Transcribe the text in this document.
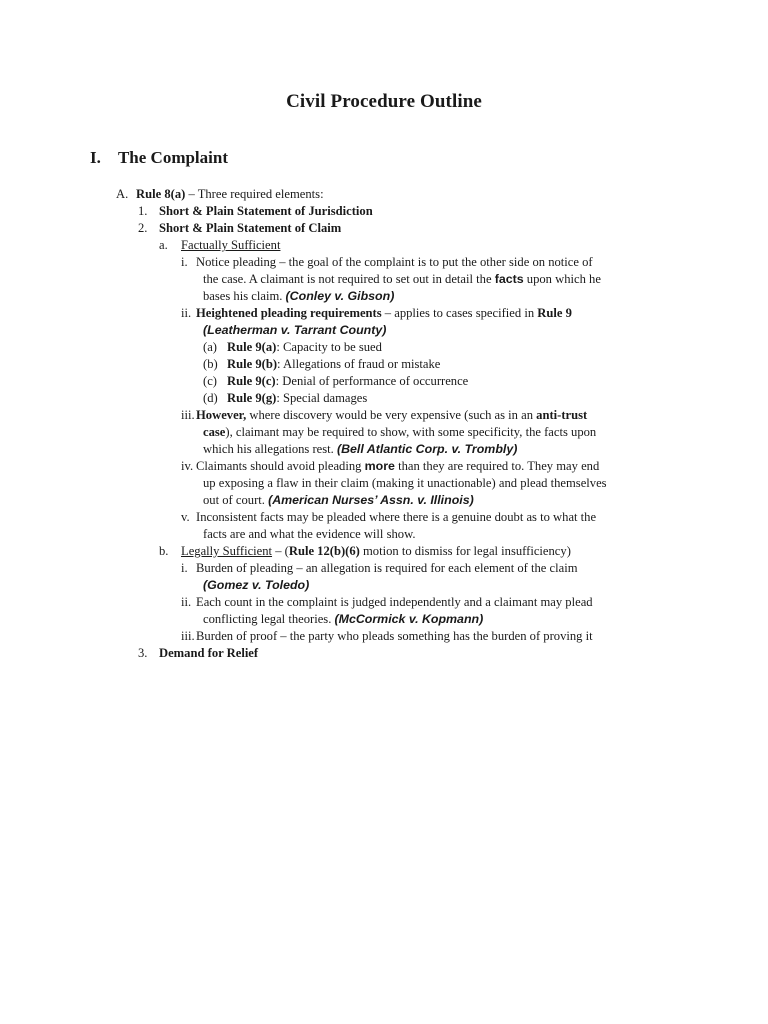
Civil Procedure Outline
I. The Complaint
A. Rule 8(a) – Three required elements:
1. Short & Plain Statement of Jurisdiction
2. Short & Plain Statement of Claim
a. Factually Sufficient
i. Notice pleading – the goal of the complaint is to put the other side on notice of
the case. A claimant is not required to set out in detail the facts upon which he
bases his claim. (Conley v. Gibson)
ii. Heightened pleading requirements – applies to cases specified in Rule 9
(Leatherman v. Tarrant County)
(a) Rule 9(a): Capacity to be sued
(b) Rule 9(b): Allegations of fraud or mistake
(c) Rule 9(c): Denial of performance of occurrence
(d) Rule 9(g): Special damages
iii. However, where discovery would be very expensive (such as in an anti-trust
case), claimant may be required to show, with some specificity, the facts upon
which his allegations rest. (Bell Atlantic Corp. v. Trombly)
iv. Claimants should avoid pleading more than they are required to. They may end
up exposing a flaw in their claim (making it unactionable) and plead themselves
out of court. (American Nurses’ Assn. v. Illinois)
v. Inconsistent facts may be pleaded where there is a genuine doubt as to what the
facts are and what the evidence will show.
b. Legally Sufficient – (Rule 12(b)(6) motion to dismiss for legal insufficiency)
i. Burden of pleading – an allegation is required for each element of the claim
(Gomez v. Toledo)
ii. Each count in the complaint is judged independently and a claimant may plead
conflicting legal theories. (McCormick v. Kopmann)
iii. Burden of proof – the party who pleads something has the burden of proving it
3. Demand for Relief
